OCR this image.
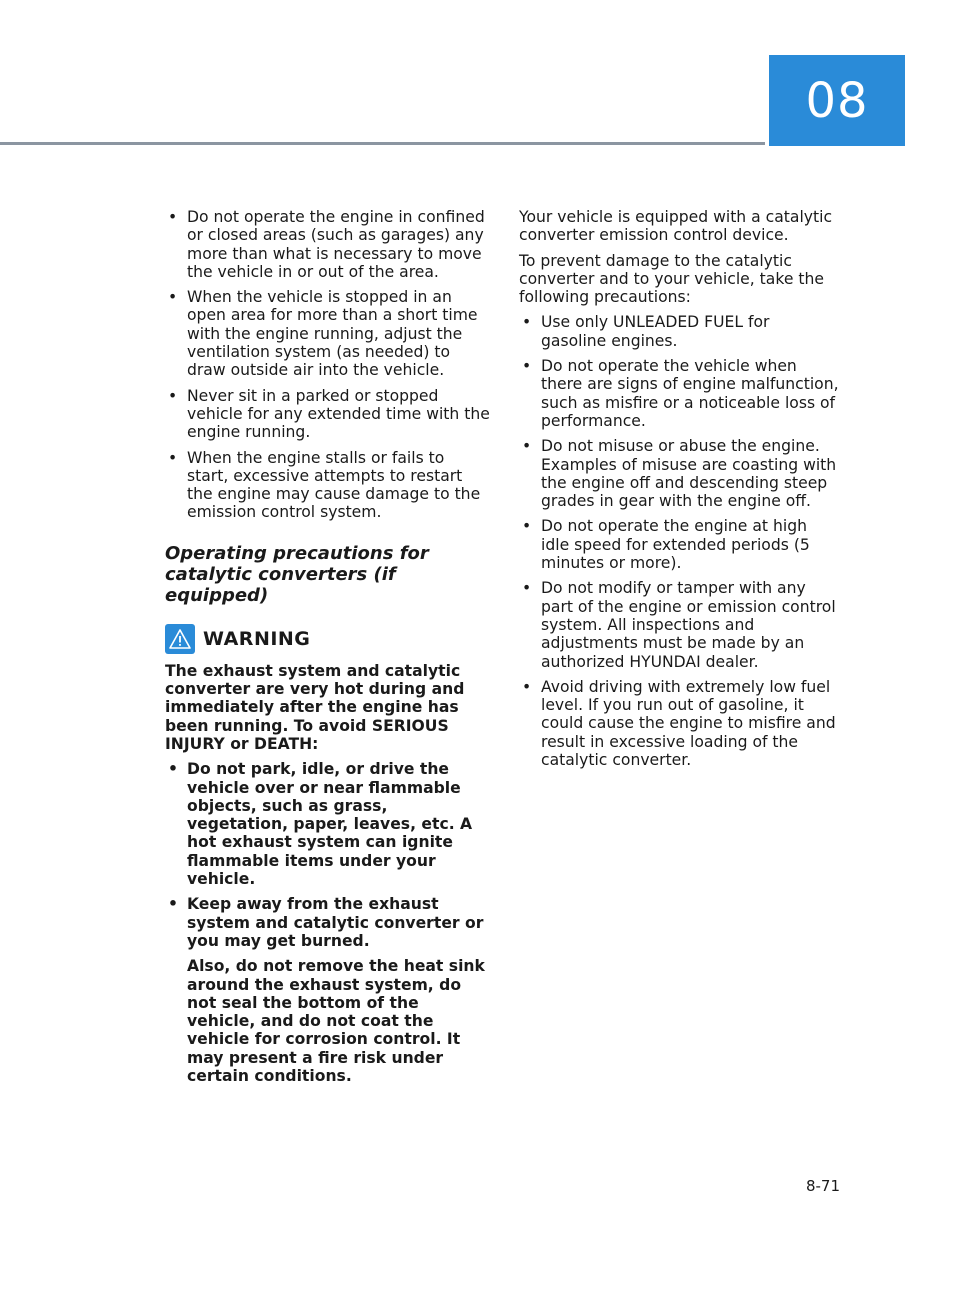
08
• Do not operate the engine in confined or closed areas (such as garages) any more than what is necessary to move the vehicle in or out of the area.
• When the vehicle is stopped in an open area for more than a short time with the engine running, adjust the ventilation system (as needed) to draw outside air into the vehicle.
• Never sit in a parked or stopped vehicle for any extended time with the engine running.
• When the engine stalls or fails to start, excessive attempts to restart the engine may cause damage to the emission control system.
Operating precautions for catalytic converters (if equipped)
WARNING

The exhaust system and catalytic converter are very hot during and immediately after the engine has been running. To avoid SERIOUS INJURY or DEATH:

• Do not park, idle, or drive the vehicle over or near flammable objects, such as grass, vegetation, paper, leaves, etc. A hot exhaust system can ignite flammable items under your vehicle.
• Keep away from the exhaust system and catalytic converter or you may get burned.
Also, do not remove the heat sink around the exhaust system, do not seal the bottom of the vehicle, and do not coat the vehicle for corrosion control. It may present a fire risk under certain conditions.

Your vehicle is equipped with a catalytic converter emission control device.

To prevent damage to the catalytic converter and to your vehicle, take the following precautions:

• Use only UNLEADED FUEL for gasoline engines.
• Do not operate the vehicle when there are signs of engine malfunction, such as misfire or a noticeable loss of performance.
• Do not misuse or abuse the engine. Examples of misuse are coasting with the engine off and descending steep grades in gear with the engine off.
• Do not operate the engine at high idle speed for extended periods (5 minutes or more).
• Do not modify or tamper with any part of the engine or emission control system. All inspections and adjustments must be made by an authorized HYUNDAI dealer.
• Avoid driving with extremely low fuel level. If you run out of gasoline, it could cause the engine to misfire and result in excessive loading of the catalytic converter.
8-71
